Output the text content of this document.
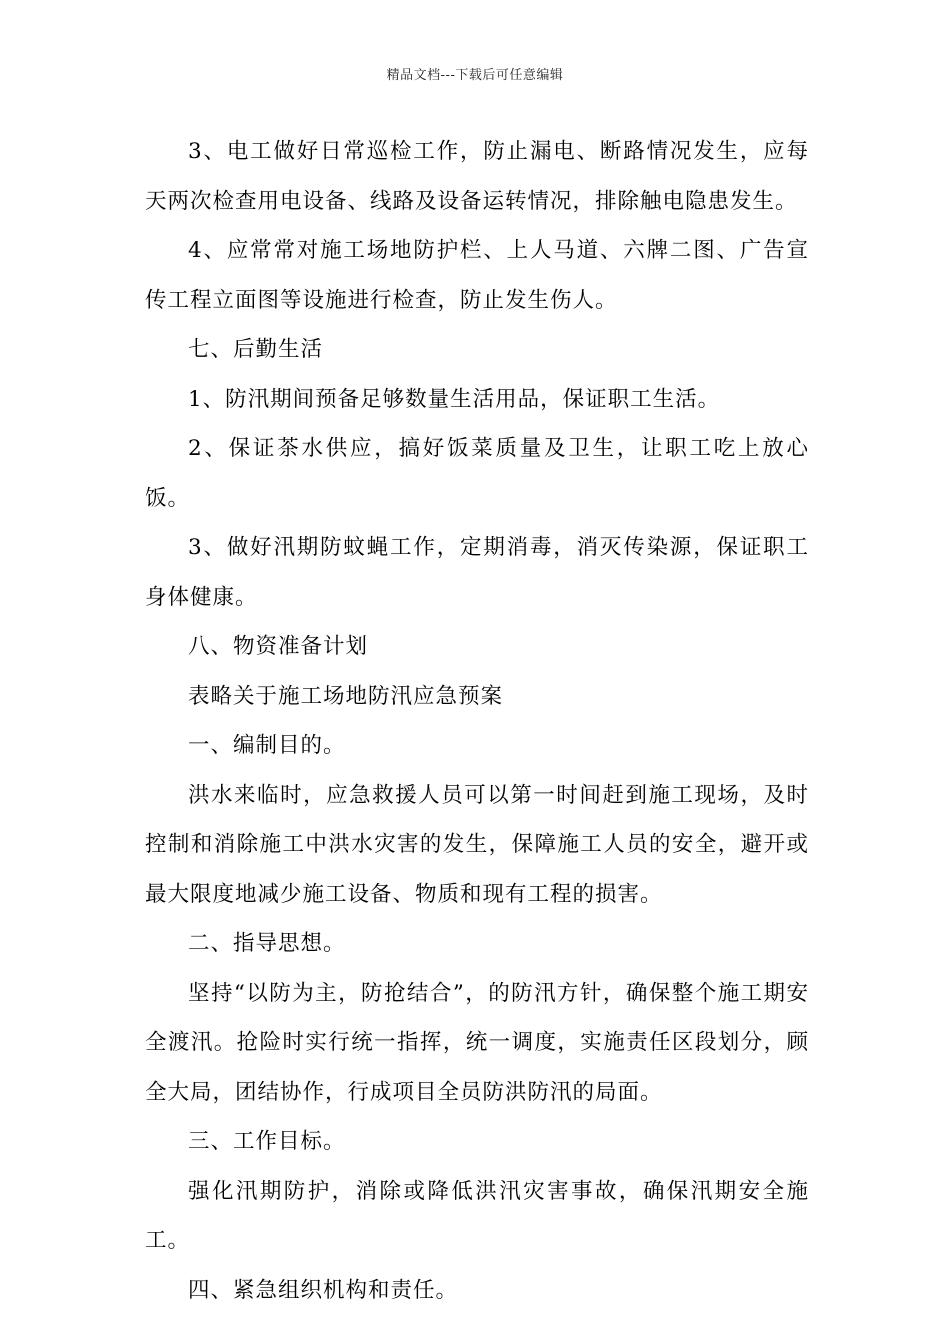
精品文档---下载后可任意编辑

3、电工做好日常巡检工作，防止漏电、断路情况发生，应每天两次检查用电设备、线路及设备运转情况，排除触电隐患发生。

4、应常常对施工场地防护栏、上人马道、六牌二图、广告宣传工程立面图等设施进行检查，防止发生伤人。

七、后勤生活

1、防汛期间预备足够数量生活用品，保证职工生活。

2、保证茶水供应，搞好饭菜质量及卫生，让职工吃上放心饭。

3、做好汛期防蚊蝇工作，定期消毒，消灭传染源，保证职工身体健康。

八、物资准备计划

表略关于施工场地防汛应急预案

一、编制目的。

洪水来临时，应急救援人员可以第一时间赶到施工现场，及时控制和消除施工中洪水灾害的发生，保障施工人员的安全，避开或最大限度地减少施工设备、物质和现有工程的损害。

二、指导思想。

坚持“以防为主，防抢结合”，的防汛方针，确保整个施工期安全渡汛。抢险时实行统一指挥，统一调度，实施责任区段划分，顾全大局，团结协作，行成项目全员防洪防汛的局面。

三、工作目标。

强化汛期防护，消除或降低洪汛灾害事故，确保汛期安全施工。

四、紧急组织机构和责任。
